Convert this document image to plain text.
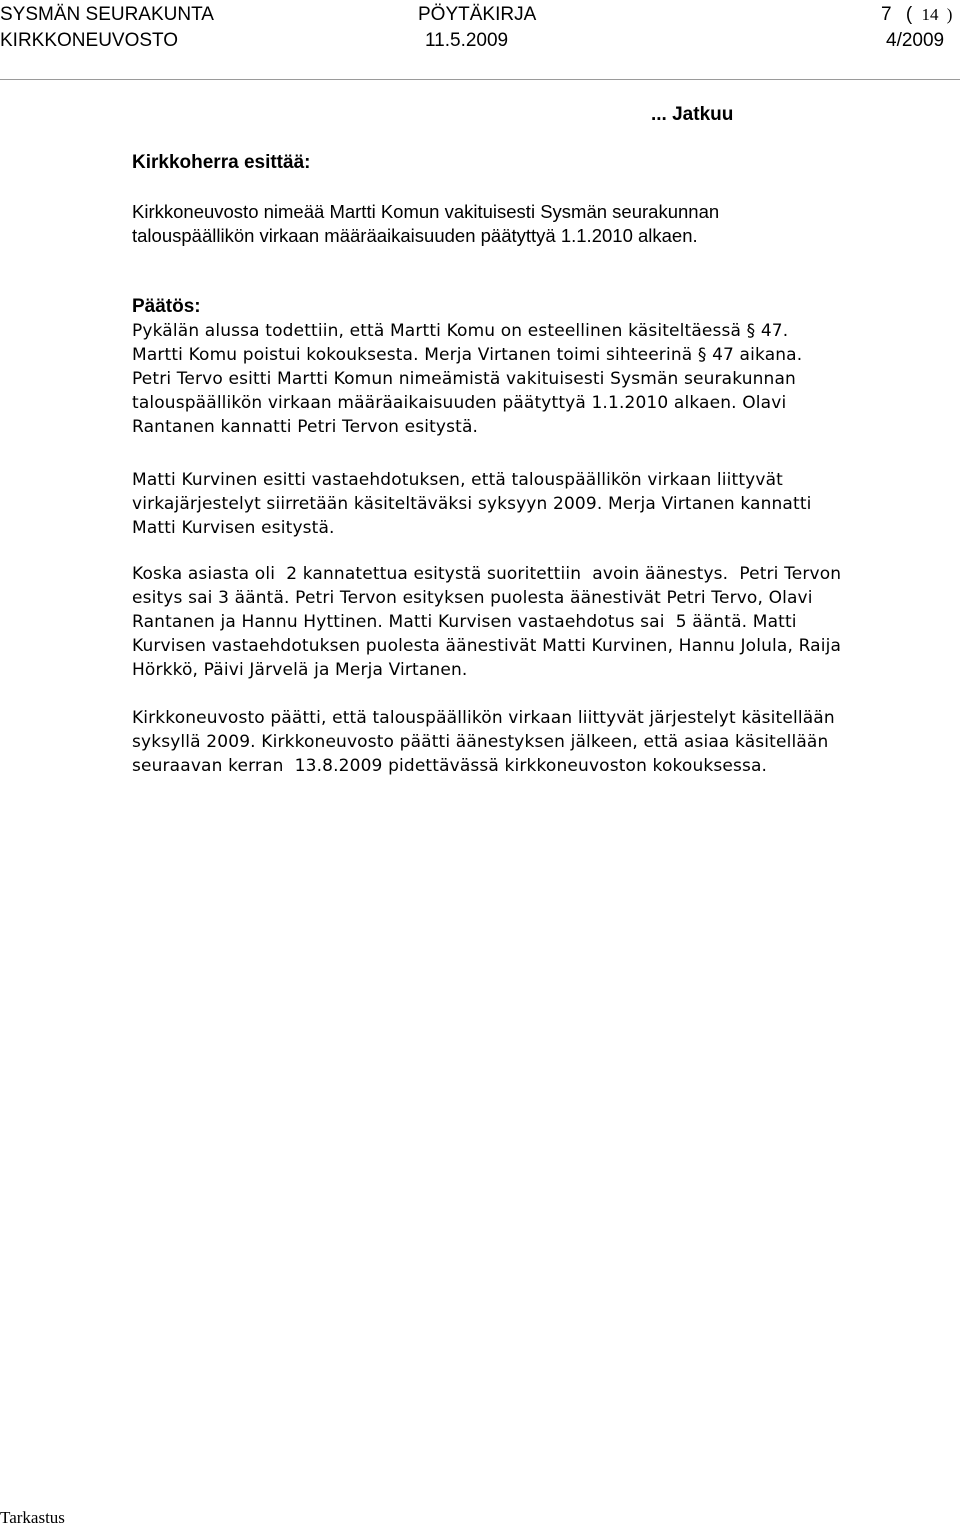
SYSMÄN SEURAKUNTA
KIRKKONEUVOSTO
PÖYTÄKIRJA
11.5.2009
7 ( 14 )
4/2009
... Jatkuu
Kirkkoherra esittää:
Kirkkoneuvosto nimeää Martti Komun vakituisesti Sysmän seurakunnan
talouspäällikön virkaan määräaikaisuuden päätyttyä 1.1.2010 alkaen.
Päätös:
Pykälän alussa todettiin, että Martti Komu on esteellinen käsiteltäessä § 47.
Martti Komu poistui kokouksesta. Merja Virtanen toimi sihteerinä § 47 aikana.
Petri Tervo esitti Martti Komun nimeämistä vakituisesti Sysmän seurakunnan
talouspäällikön virkaan määräaikaisuuden päätyttyä 1.1.2010 alkaen. Olavi
Rantanen kannatti Petri Tervon esitystä.
Matti Kurvinen esitti vastaehdotuksen, että talouspäällikön virkaan liittyvät
virkajärjestelyt siirretään käsiteltäväksi syksyyn 2009. Merja Virtanen kannatti
Matti Kurvisen esitystä.
Koska asiasta oli  2 kannatettua esitystä suoritettiin  avoin äänestys.  Petri Tervon
esitys sai 3 ääntä. Petri Tervon esityksen puolesta äänestivät Petri Tervo, Olavi
Rantanen ja Hannu Hyttinen. Matti Kurvisen vastaehdotus sai  5 ääntä. Matti
Kurvisen vastaehdotuksen puolesta äänestivät Matti Kurvinen, Hannu Jolula, Raija
Hörkkö, Päivi Järvelä ja Merja Virtanen.
Kirkkoneuvosto päätti, että talouspäällikön virkaan liittyvät järjestelyt käsitellään
syksyllä 2009. Kirkkoneuvosto päätti äänestyksen jälkeen, että asiaa käsitellään
seuraavan kerran  13.8.2009 pidettävässä kirkkoneuvoston kokouksessa.
Tarkastus
